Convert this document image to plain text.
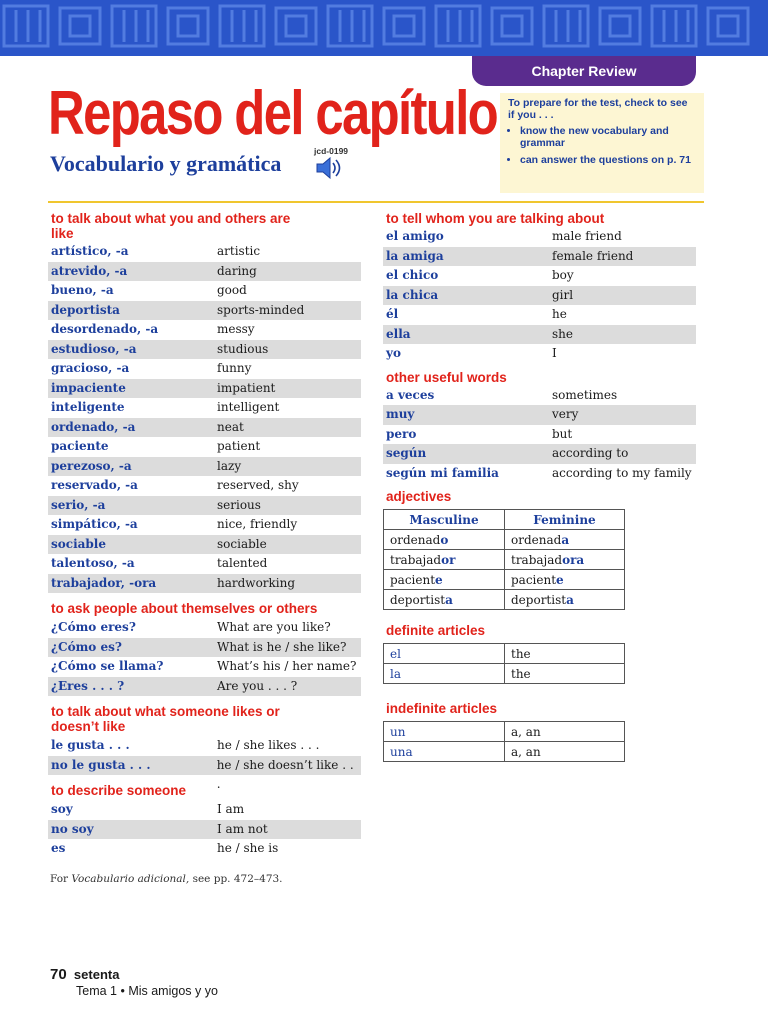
Chapter Review
Repaso del capítulo
Vocabulario y gramática	jcd-0199

To prepare for the test, check to see if you . . .

• know the new vocabulary and grammar
• can answer the questions on p. 71
to talk about what you and others are like
artístico, -a	artistic
atrevido, -a	daring
bueno, -a	good
deportista	sports-minded
desordenado, -a	messy
estudioso, -a	studious
gracioso, -a	funny
impaciente	impatient
inteligente	intelligent
ordenado, -a	neat
paciente	patient
perezoso, -a	lazy
reservado, -a	reserved, shy
serio, -a	serious
simpático, -a	nice, friendly
sociable	sociable
talentoso, -a	talented
trabajador, -ora	hardworking
to ask people about themselves or others
¿Cómo eres?	What are you like?
¿Cómo es?	What is he / she like?
¿Cómo se llama?	What’s his / her name?
¿Eres . . . ?	Are you . . . ?
to talk about what someone likes or doesn’t like
le gusta . . .	he / she likes . . .
no le gusta . . .	he / she doesn’t like . . .
to describe someone
soy	I am
no soy	I am not
es	he / she is
to tell whom you are talking about
el amigo	male friend
la amiga	female friend
el chico	boy
la chica	girl
él	he
ella	she
yo	I
other useful words
a veces	sometimes
muy	very
pero	but
según	according to
según mi familia	according to my family
adjectives
Masculine	Feminine
ordenado	ordenada
trabajador	trabajadora
paciente	paciente
deportista	deportista
definite articles
el	the
la	the
indefinite articles
un	a, an
una	a, an
For Vocabulario adicional, see pp. 472–473.
70 setenta
Tema 1 • Mis amigos y yo
